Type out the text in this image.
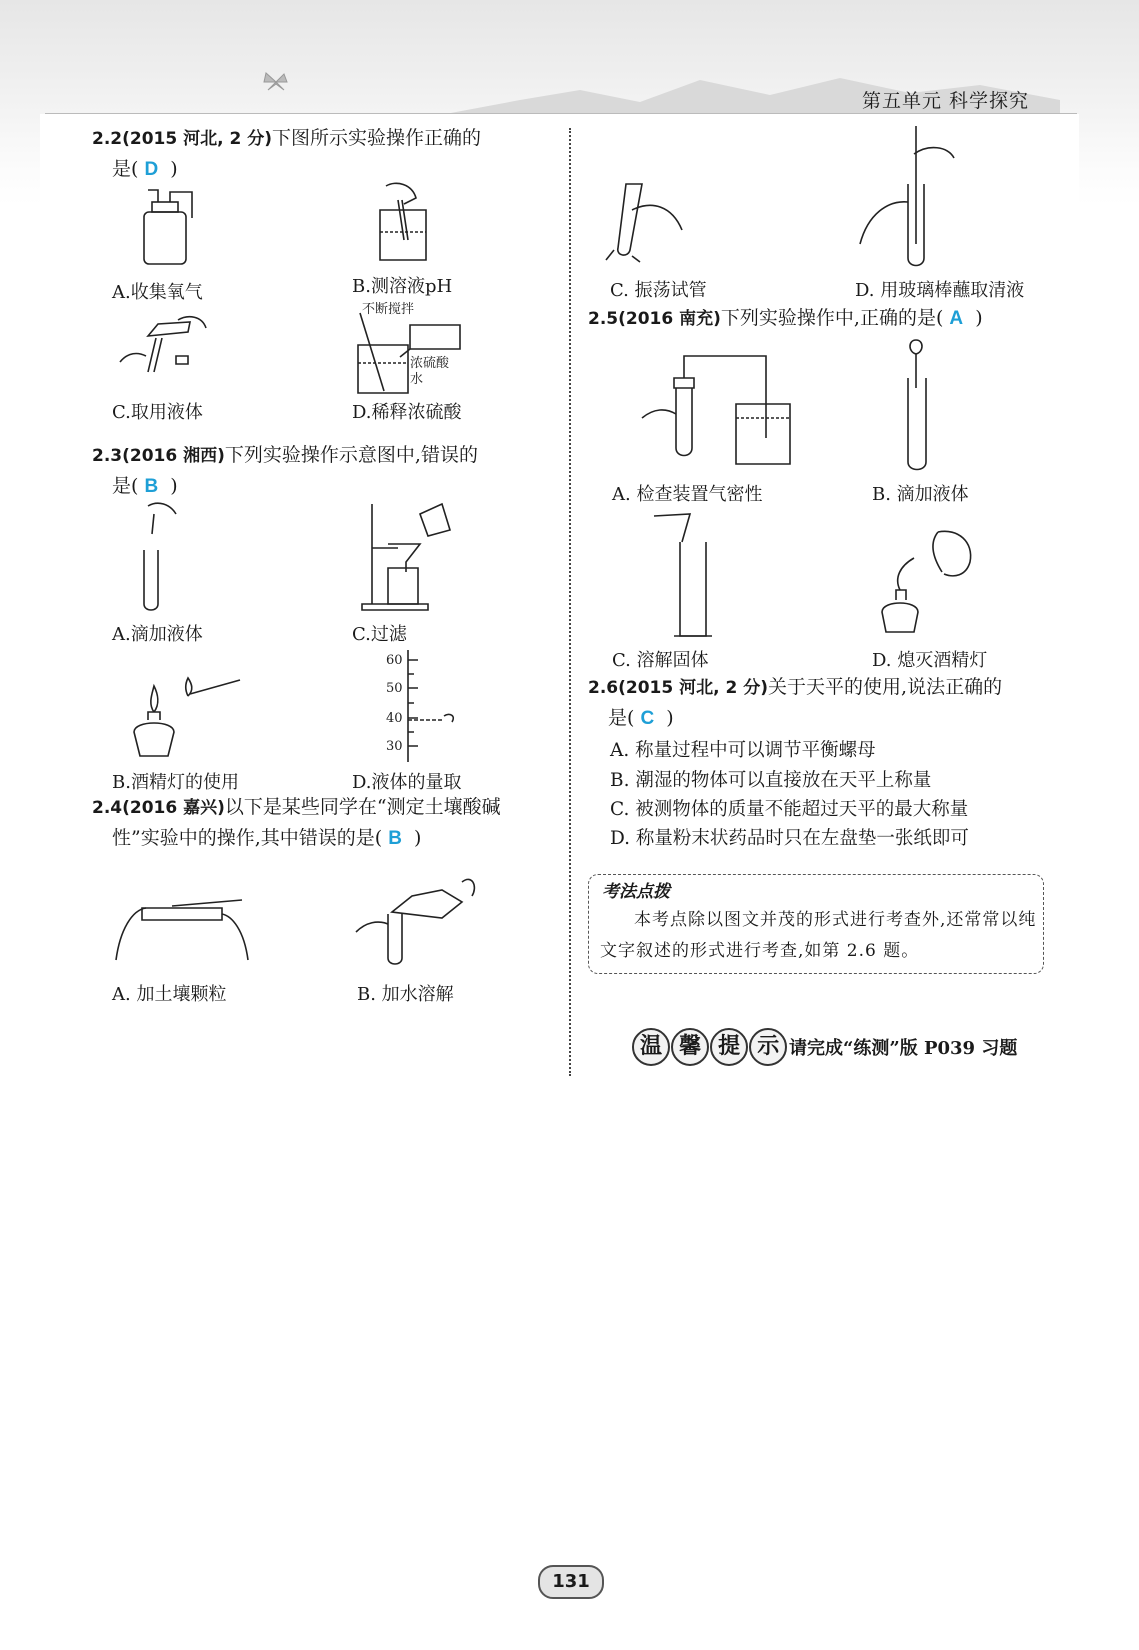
第五单元 科学探究
2.2(2015 河北, 2 分)下图所示实验操作正确的
是( D )
A.收集氧气	B.测溶液pH
C.取用液体
不断搅拌
浓硫酸
水
D.稀释浓硫酸
2.3(2016 湘西)下列实验操作示意图中,错误的
是( B )
A.滴加液体	C.过滤
B.酒精灯的使用
60
50
40
30
D.液体的量取
2.4(2016 嘉兴)以下是某些同学在“测定土壤酸碱
性”实验中的操作,其中错误的是( B )
A. 加土壤颗粒	B. 加水溶解
C. 振荡试管	D. 用玻璃棒蘸取清液
2.5(2016 南充)下列实验操作中,正确的是( A )
A. 检查装置气密性	B. 滴加液体
C. 溶解固体	D. 熄灭酒精灯
2.6(2015 河北, 2 分)关于天平的使用,说法正确的
是( C )
A. 称量过程中可以调节平衡螺母
B. 潮湿的物体可以直接放在天平上称量
C. 被测物体的质量不能超过天平的最大称量
D. 称量粉末状药品时只在左盘垫一张纸即可
考法点拨
本考点除以图文并茂的形式进行考查外,还常常以纯文字叙述的形式进行考查,如第 2.6 题。
温 馨 提 示 请完成“练测”版 P039 习题
131
